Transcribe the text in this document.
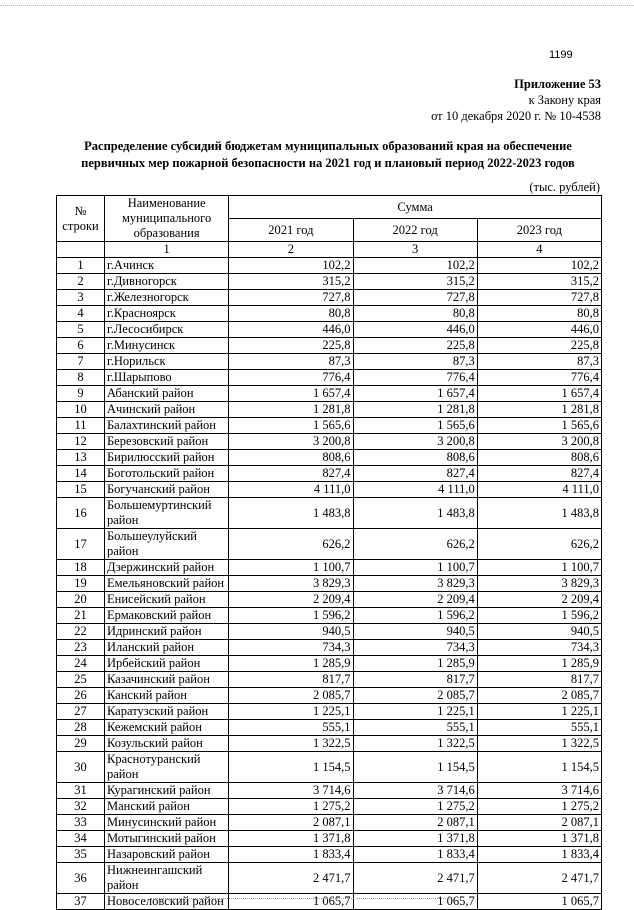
1199
Приложение 53
к Закону края
от 10 декабря 2020 г. № 10-4538
Распределение субсидий бюджетам муниципальных образований края на обеспечение
первичных мер пожарной безопасности на 2021 год и плановый период 2022-2023 годов
(тыс. рублей)
№ строки	Наименование муниципального образования	Сумма		
		2021 год	2022 год	2023 год
	1	2	3	4
1	г.Ачинск	102,2	102,2	102,2
2	г.Дивногорск	315,2	315,2	315,2
3	г.Железногорск	727,8	727,8	727,8
4	г.Красноярск	80,8	80,8	80,8
5	г.Лесосибирск	446,0	446,0	446,0
6	г.Минусинск	225,8	225,8	225,8
7	г.Норильск	87,3	87,3	87,3
8	г.Шарыпово	776,4	776,4	776,4
9	Абанский район	1 657,4	1 657,4	1 657,4
10	Ачинский район	1 281,8	1 281,8	1 281,8
11	Балахтинский район	1 565,6	1 565,6	1 565,6
12	Березовский район	3 200,8	3 200,8	3 200,8
13	Бирилюсский район	808,6	808,6	808,6
14	Боготольский район	827,4	827,4	827,4
15	Богучанский район	4 111,0	4 111,0	4 111,0
16	Большемуртинский район	1 483,8	1 483,8	1 483,8
17	Большеулуйский район	626,2	626,2	626,2
18	Дзержинский район	1 100,7	1 100,7	1 100,7
19	Емельяновский район	3 829,3	3 829,3	3 829,3
20	Енисейский район	2 209,4	2 209,4	2 209,4
21	Ермаковский район	1 596,2	1 596,2	1 596,2
22	Идринский район	940,5	940,5	940,5
23	Иланский район	734,3	734,3	734,3
24	Ирбейский район	1 285,9	1 285,9	1 285,9
25	Казачинский район	817,7	817,7	817,7
26	Канский район	2 085,7	2 085,7	2 085,7
27	Каратузский район	1 225,1	1 225,1	1 225,1
28	Кежемский район	555,1	555,1	555,1
29	Козульский район	1 322,5	1 322,5	1 322,5
30	Краснотуранский район	1 154,5	1 154,5	1 154,5
31	Курагинский район	3 714,6	3 714,6	3 714,6
32	Манский район	1 275,2	1 275,2	1 275,2
33	Минусинский район	2 087,1	2 087,1	2 087,1
34	Мотыгинский район	1 371,8	1 371,8	1 371,8
35	Назаровский район	1 833,4	1 833,4	1 833,4
36	Нижнеингашский район	2 471,7	2 471,7	2 471,7
37	Новоселовский район	1 065,7	1 065,7	1 065,7
